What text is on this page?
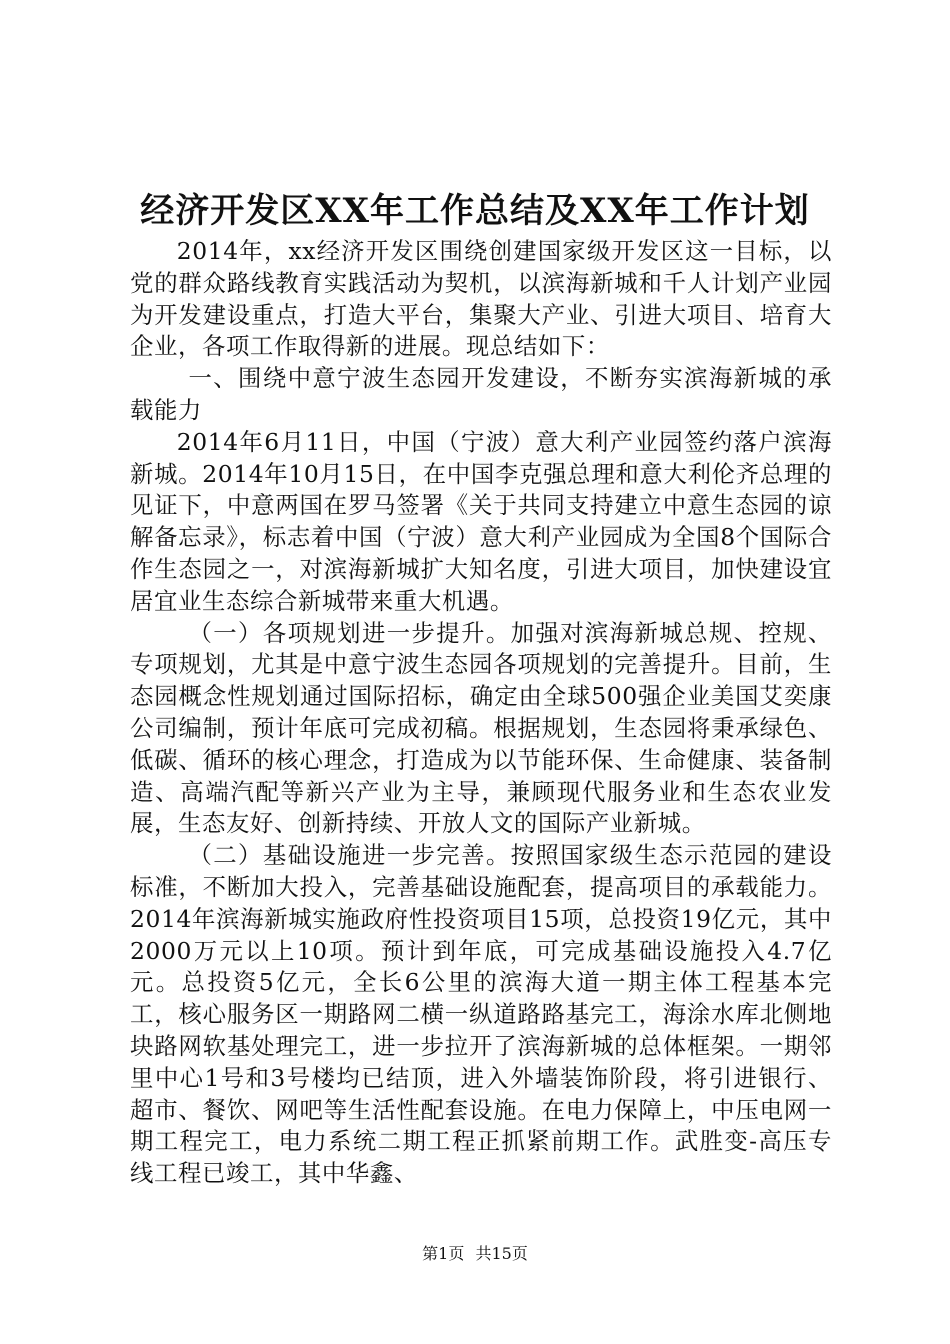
经济开发区XX年工作总结及XX年工作计划

2014年，xx经济开发区围绕创建国家级开发区这一目标，以党的群众路线教育实践活动为契机，以滨海新城和千人计划产业园为开发建设重点，打造大平台，集聚大产业、引进大项目、培育大企业，各项工作取得新的进展。现总结如下：

一、围绕中意宁波生态园开发建设，不断夯实滨海新城的承载能力

2014年6月11日，中国（宁波）意大利产业园签约落户滨海新城。2014年10月15日，在中国李克强总理和意大利伦齐总理的见证下，中意两国在罗马签署《关于共同支持建立中意生态园的谅解备忘录》，标志着中国（宁波）意大利产业园成为全国8个国际合作生态园之一，对滨海新城扩大知名度，引进大项目，加快建设宜居宜业生态综合新城带来重大机遇。

（一）各项规划进一步提升。加强对滨海新城总规、控规、专项规划，尤其是中意宁波生态园各项规划的完善提升。目前，生态园概念性规划通过国际招标，确定由全球500强企业美国艾奕康公司编制，预计年底可完成初稿。根据规划，生态园将秉承绿色、低碳、循环的核心理念，打造成为以节能环保、生命健康、装备制造、高端汽配等新兴产业为主导，兼顾现代服务业和生态农业发展，生态友好、创新持续、开放人文的国际产业新城。

（二）基础设施进一步完善。按照国家级生态示范园的建设标准，不断加大投入，完善基础设施配套，提高项目的承载能力。2014年滨海新城实施政府性投资项目15项，总投资19亿元，其中2000万元以上10项。预计到年底，可完成基础设施投入4.7亿元。总投资5亿元，全长6公里的滨海大道一期主体工程基本完工，核心服务区一期路网二横一纵道路路基完工，海涂水库北侧地块路网软基处理完工，进一步拉开了滨海新城的总体框架。一期邻里中心1号和3号楼均已结顶，进入外墙装饰阶段，将引进银行、超市、餐饮、网吧等生活性配套设施。在电力保障上，中压电网一期工程完工，电力系统二期工程正抓紧前期工作。武胜变-高压专线工程已竣工，其中华鑫、

第1页 共15页
